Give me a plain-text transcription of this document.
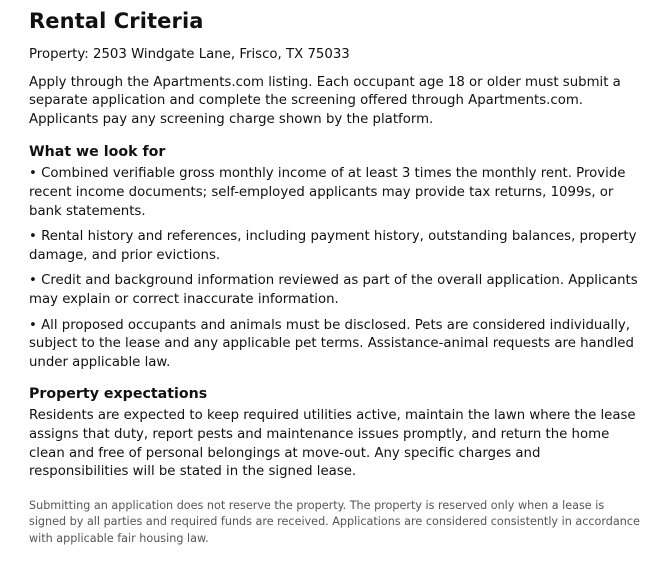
Rental Criteria

Property: 2503 Windgate Lane, Frisco, TX 75033

Apply through the Apartments.com listing. Each occupant age 18 or older must submit a separate application and complete the screening offered through Apartments.com. Applicants pay any screening charge shown by the platform.

What we look for

• Combined verifiable gross monthly income of at least 3 times the monthly rent. Provide recent income documents; self-employed applicants may provide tax returns, 1099s, or bank statements.

• Rental history and references, including payment history, outstanding balances, property damage, and prior evictions.

• Credit and background information reviewed as part of the overall application. Applicants may explain or correct inaccurate information.

• All proposed occupants and animals must be disclosed. Pets are considered individually, subject to the lease and any applicable pet terms. Assistance-animal requests are handled under applicable law.

Property expectations

Residents are expected to keep required utilities active, maintain the lawn where the lease assigns that duty, report pests and maintenance issues promptly, and return the home clean and free of personal belongings at move-out. Any specific charges and responsibilities will be stated in the signed lease.

Submitting an application does not reserve the property. The property is reserved only when a lease is signed by all parties and required funds are received. Applications are considered consistently in accordance with applicable fair housing law.
